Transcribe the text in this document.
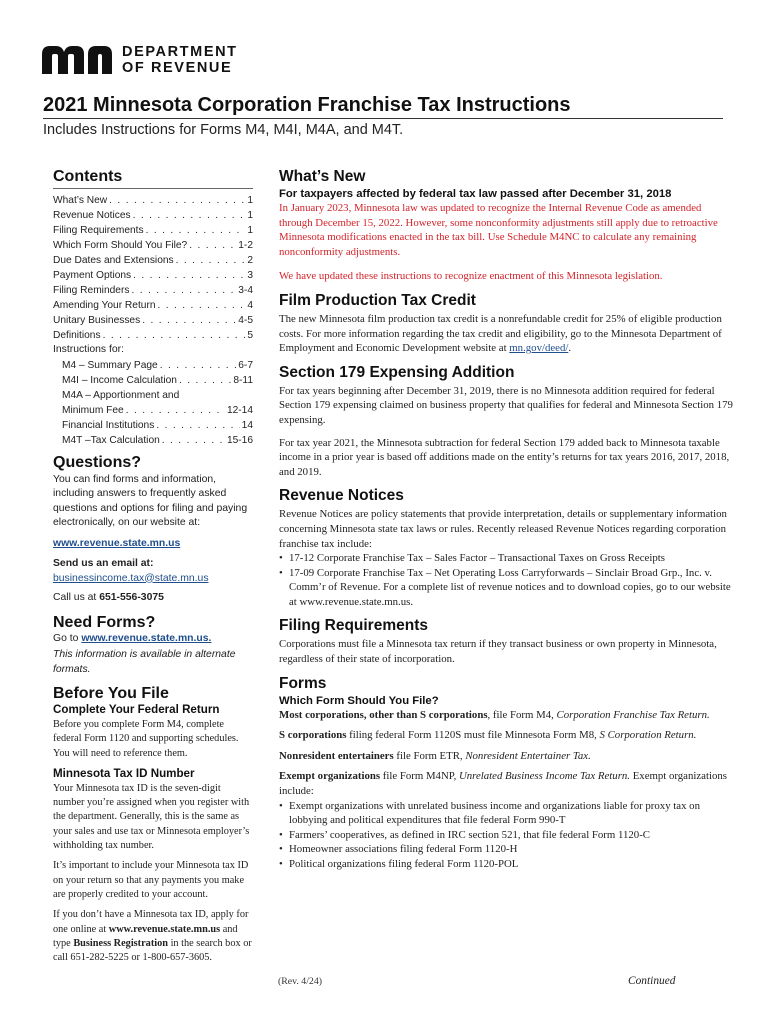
DEPARTMENT
OF REVENUE
2021 Minnesota Corporation Franchise Tax Instructions
Includes Instructions for Forms M4, M4I, M4A, and M4T.
Contents
What’s New . . .	1
Revenue Notices . . .	1
Filing Requirements . . .	1
Which Form Should You File? . . .	1-2
Due Dates and Extensions . . .	2
Payment Options . . .	3
Filing Reminders . . .	3-4
Amending Your Return . . .	4
Unitary Businesses . . .	4-5
Definitions . . .	5
Instructions for:
M4 – Summary Page . . .	6-7
M4I – Income Calculation . . .	8-11
M4A – Apportionment and
Minimum Fee . . .	12-14
Financial Institutions . . .	14
M4T –Tax Calculation . . .	15-16
Questions?
You can find forms and information, including answers to frequently asked questions and options for filing and paying electronically, on our website at:
www.revenue.state.mn.us
Send us an email at:
businessincome.tax@state.mn.us
Call us at 651-556-3075
Need Forms?
Go to www.revenue.state.mn.us.
This information is available in alternate formats.
Before You File
Complete Your Federal Return
Before you complete Form M4, complete federal Form 1120 and supporting schedules. You will need to reference them.
Minnesota Tax ID Number
Your Minnesota tax ID is the seven-digit number you’re assigned when you register with the department. Generally, this is the same as your sales and use tax or Minnesota employer’s withholding tax number.
It’s important to include your Minnesota tax ID on your return so that any payments you make are properly credited to your account.
If you don’t have a Minnesota tax ID, apply for one online at www.revenue.state.mn.us and type Business Registration in the search box or call 651-282-5225 or 1-800-657-3605.
What’s New
For taxpayers affected by federal tax law passed after December 31, 2018
In January 2023, Minnesota law was updated to recognize the Internal Revenue Code as amended through December 15, 2022. However, some nonconformity adjustments still apply due to retroactive Minnesota modifications enacted in the tax bill. Use Schedule M4NC to calculate any remaining nonconformity adjustments.
We have updated these instructions to recognize enactment of this Minnesota legislation.
Film Production Tax Credit
The new Minnesota film production tax credit is a nonrefundable credit for 25% of eligible production costs. For more information regarding the tax credit and eligibility, go to the Minnesota Department of Employment and Economic Development website at mn.gov/deed/.
Section 179 Expensing Addition
For tax years beginning after December 31, 2019, there is no Minnesota addition required for federal Section 179 expensing claimed on business property that qualifies for federal and Minnesota Section 179 expensing.
For tax year 2021, the Minnesota subtraction for federal Section 179 added back to Minnesota taxable income in a prior year is based off additions made on the entity’s returns for tax years 2016, 2017, 2018, and 2019.
Revenue Notices
Revenue Notices are policy statements that provide interpretation, details or supplementary information concerning Minnesota state tax laws or rules. Recently released Revenue Notices regarding corporation franchise tax include:
• 17-12 Corporate Franchise Tax – Sales Factor – Transactional Taxes on Gross Receipts
• 17-09 Corporate Franchise Tax – Net Operating Loss Carryforwards – Sinclair Broad Grp., Inc. v. Comm’r of Revenue. For a complete list of revenue notices and to download copies, go to our website at www.revenue.state.mn.us.
Filing Requirements
Corporations must file a Minnesota tax return if they transact business or own property in Minnesota, regardless of their state of incorporation.
Forms
Which Form Should You File?
Most corporations, other than S corporations, file Form M4, Corporation Franchise Tax Return.
S corporations filing federal Form 1120S must file Minnesota Form M8, S Corporation Return.
Nonresident entertainers file Form ETR, Nonresident Entertainer Tax.
Exempt organizations file Form M4NP, Unrelated Business Income Tax Return. Exempt organizations include:
• Exempt organizations with unrelated business income and organizations liable for proxy tax on lobbying and political expenditures that file federal Form 990-T
• Farmers’ cooperatives, as defined in IRC section 521, that file federal Form 1120-C
• Homeowner associations filing federal Form 1120-H
• Political organizations filing federal Form 1120-POL
(Rev. 4/24)	Continued
